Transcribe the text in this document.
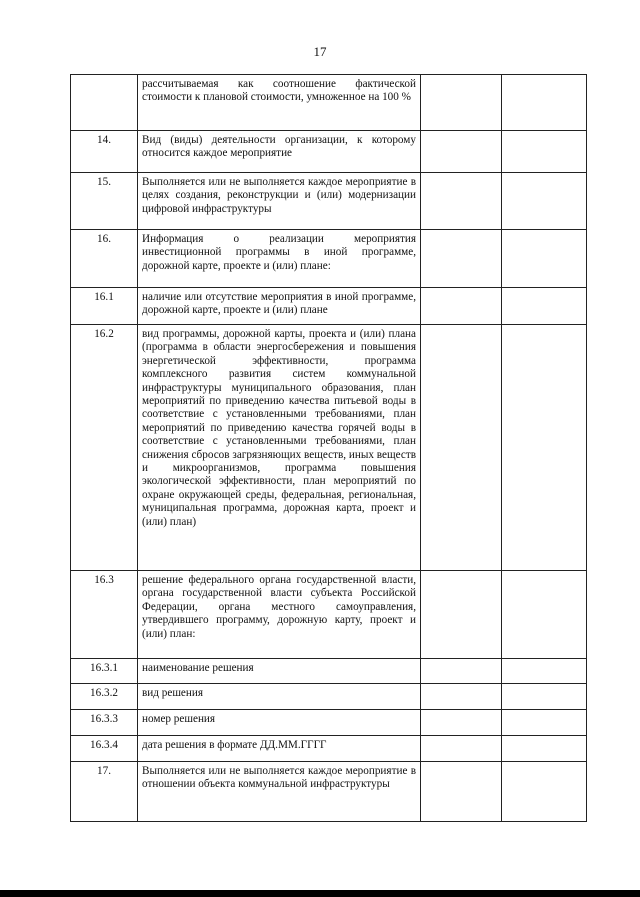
17
	рассчитываемая как соотношение фактической стоимости к плановой стоимости, умноженное на 100 %		
14.	Вид (виды) деятельности организации, к которому относится каждое мероприятие		
15.	Выполняется или не выполняется каждое мероприятие в целях создания, реконструкции и (или) модернизации цифровой инфраструктуры		
16.	Информация о реализации мероприятия инвестиционной программы в иной программе, дорожной карте, проекте и (или) плане:		
16.1	наличие или отсутствие мероприятия в иной программе, дорожной карте, проекте и (или) плане		
16.2	вид программы, дорожной карты, проекта и (или) плана (программа в области энергосбережения и повышения энергетической эффективности, программа комплексного развития систем коммунальной инфраструктуры муниципального образования, план мероприятий по приведению качества питьевой воды в соответствие с установленными требованиями, план мероприятий по приведению качества горячей воды в соответствие с установленными требованиями, план снижения сбросов загрязняющих веществ, иных веществ и микроорганизмов, программа повышения экологической эффективности, план мероприятий по охране окружающей среды, федеральная, региональная, муниципальная программа, дорожная карта, проект и (или) план)		
16.3	решение федерального органа государственной власти, органа государственной власти субъекта Российской Федерации, органа местного самоуправления, утвердившего программу, дорожную карту, проект и (или) план:		
16.3.1	наименование решения		
16.3.2	вид решения		
16.3.3	номер решения		
16.3.4	дата решения в формате ДД.ММ.ГГГГ		
17.	Выполняется или не выполняется каждое мероприятие в отношении объекта коммунальной инфраструктуры		
